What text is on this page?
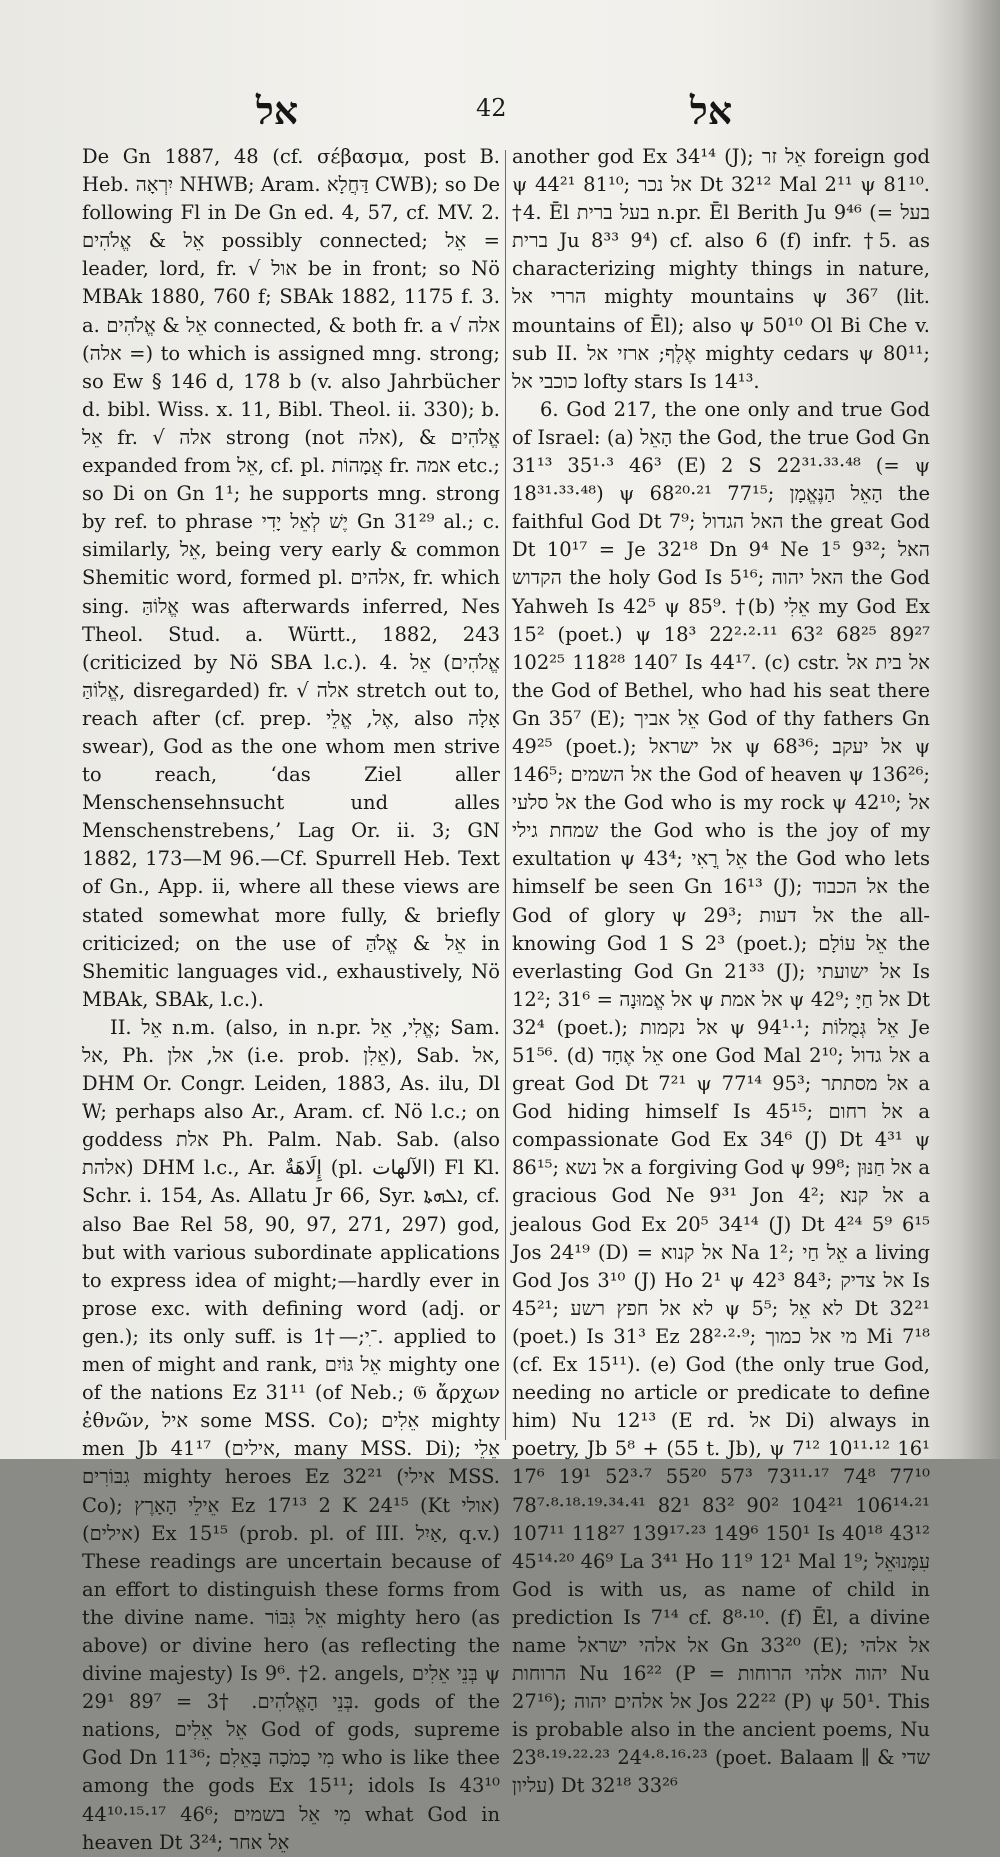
אל	42	אל

De Gn 1887, 48 (cf. σέβασμα, post B. Heb. יִרְאָה NHWB; Aram. דַּחֲלָא CWB); so De following Fl in De Gn ed. 4, 57, cf. MV. 2. אֵל & אֱלֹהִים possibly connected; אֵל = leader, lord, fr. √ אול be in front; so Nö MBAk 1880, 760 f; SBAk 1882, 1175 f. 3. a. אֵל & אֱלֹהִים connected, & both fr. a √ אלה (= אלה) to which is assigned mng. strong; so Ew § 146 d, 178 b (v. also Jahrbücher d. bibl. Wiss. x. 11, Bibl. Theol. ii. 330); b. אֵל fr. √ אלה strong (not אלה), & אֱלֹהִים expanded from אֵל, cf. pl. אֲמָהוֹת fr. אמה etc.; so Di on Gn 1¹; he supports mng. strong by ref. to phrase יֶשׁ לְאֵל יָדִי Gn 31²⁹ al.; c. similarly, אֵל, being very early & common Shemitic word, formed pl. אלהים, fr. which sing. אֱלוֹהַּ was afterwards inferred, Nes Theol. Stud. a. Württ., 1882, 243 (criticized by Nö SBA l.c.). 4. אֵל (אֱלֹהִים ,אֱלוֹהַּ disregarded) fr. √ אלה stretch out to, reach after (cf. prep. אֶל, אֱלֵי, also אָלָה swear), God as the one whom men strive to reach, ‘das Ziel aller Menschensehnsucht und alles Menschenstrebens,’ Lag Or. ii. 3; GN 1882, 173—M 96.—Cf. Spurrell Heb. Text of Gn., App. ii, where all these views are stated somewhat more fully, & briefly criticized; on the use of אֵל & אֱלֹהַּ in Shemitic languages vid., exhaustively, Nö MBAk, SBAk, l.c.).

II. אֵל n.m. (also, in n.pr. אֱלִי, אֵל; Sam. אל, Ph. אל, אלן (i.e. prob. אֵלִן), Sab. אל, DHM Or. Congr. Leiden, 1883, As. ilu, Dl W; perhaps also Ar., Aram. cf. Nö l.c.; on goddess אלת Ph. Palm. Nab. Sab. (also אלהת) DHM l.c., Ar. إِلَاهَةٌ (pl. الآلهات) Fl Kl. Schr. i. 154, As. Allatu Jr 66, Syr. ܐܠܗܬܐ, cf. also Bae Rel 58, 90, 97, 271, 297) god, but with various subordinate applications to express idea of might;—hardly ever in prose exc. with defining word (adj. or gen.); its only suff. is ־ִי;—†1. applied to men of might and rank, אֵל גּוֹיִם mighty one of the nations Ez 31¹¹ (of Neb.; 𝔊 ἄρχων ἐθνῶν, איל some MSS. Co); אֵלִים mighty men Jb 41¹⁷ (אילים, many MSS. Di); אֵלֵי גִבּוֹרִים mighty heroes Ez 32²¹ (אילי MSS. Co); אֵילֵי הָאָרֶץ Ez 17¹³ 2 K 24¹⁵ (Kt אולי) (אילים) Ex 15¹⁵ (prob. pl. of III. אַיִל, q.v.) These readings are uncertain because of an effort to distinguish these forms from the divine name. אֵל גִּבּוֹר mighty hero (as above) or divine hero (as reflecting the divine majesty) Is 9⁶. †2. angels, בְּנֵי אֵלִים ψ 29¹ 89⁷ = בְּנֵי הָאֱלֹהִים. †3. gods of the nations, אֵל אֵלִים God of gods, supreme God Dn 11³⁶; מִי כָמֹכָה בָּאֵלִם who is like thee among the gods Ex 15¹¹; idols Is 43¹⁰ 44¹⁰·¹⁵·¹⁷ 46⁶; מִי אֵל בשמים what God in heaven Dt 3²⁴; אֵל אחר

another god Ex 34¹⁴ (J); אֵל זר foreign god ψ 44²¹ 81¹⁰; אל נכר Dt 32¹² Mal 2¹¹ ψ 81¹⁰. †4. Ēl בעל ברית n.pr. Ēl Berith Ju 9⁴⁶ (= בעל ברית Ju 8³³ 9⁴) cf. also 6 (f) infr. †5. as characterizing mighty things in nature, הררי אל mighty mountains ψ 36⁷ (lit. mountains of Ēl); also ψ 50¹⁰ Ol Bi Che v. sub II. אֶלֶף; ארזי אל mighty cedars ψ 80¹¹; כוכבי אל lofty stars Is 14¹³.

6. God 217, the one only and true God of Israel: (a) הָאֵל the God, the true God Gn 31¹³ 35¹·³ 46³ (E) 2 S 22³¹·³³·⁴⁸ (= ψ 18³¹·³³·⁴⁸) ψ 68²⁰·²¹ 77¹⁵; הָאֵל הַנֶּאֱמָן the faithful God Dt 7⁹; האל הגדול the great God Dt 10¹⁷ = Je 32¹⁸ Dn 9⁴ Ne 1⁵ 9³²; האל הקדוש the holy God Is 5¹⁶; האל יהוה the God Yahweh Is 42⁵ ψ 85⁹. †(b) אֵלִי my God Ex 15² (poet.) ψ 18³ 22²·²·¹¹ 63² 68²⁵ 89²⁷ 102²⁵ 118²⁸ 140⁷ Is 44¹⁷. (c) cstr. אל בית אל the God of Bethel, who had his seat there Gn 35⁷ (E); אֵל אביך God of thy fathers Gn 49²⁵ (poet.); אל ישראל ψ 68³⁶; אל יעקב ψ 146⁵; אל השמים the God of heaven ψ 136²⁶; אל סלעי the God who is my rock ψ 42¹⁰; אל שמחת גילי the God who is the joy of my exultation ψ 43⁴; אֵל רֳאִי the God who lets himself be seen Gn 16¹³ (J); אל הכבוד the God of glory ψ 29³; אל דעות the all-knowing God 1 S 2³ (poet.); אֵל עוֹלָם the everlasting God Gn 21³³ (J); אל ישועתי Is 12²; אל אֱמוּנָה = 31⁶ ψ אל אמת ψ 42⁹; אל חַיָּ Dt 32⁴ (poet.); אל נקמות ψ 94¹·¹; אֵל גְּמֻלוֹת Je 51⁵⁶. (d) אֵל אֶחָד one God Mal 2¹⁰; אל גדול a great God Dt 7²¹ ψ 77¹⁴ 95³; אל מסתתר a God hiding himself Is 45¹⁵; אל רחום a compassionate God Ex 34⁶ (J) Dt 4³¹ ψ 86¹⁵; אל נשא a forgiving God ψ 99⁸; אל חַנּוּן a gracious God Ne 9³¹ Jon 4²; אל קנא a jealous God Ex 20⁵ 34¹⁴ (J) Dt 4²⁴ 5⁹ 6¹⁵ Jos 24¹⁹ (D) = אל קנוא Na 1²; אֵל חַי a living God Jos 3¹⁰ (J) Ho 2¹ ψ 42³ 84³; אל צדיק Is 45²¹; לא אל חפץ רשע ψ 5⁵; לא אֵל Dt 32²¹ (poet.) Is 31³ Ez 28²·²·⁹; מי אל כמוך Mi 7¹⁸ (cf. Ex 15¹¹). (e) God (the only true God, needing no article or predicate to define him) Nu 12¹³ (E rd. אל Di) always in poetry, Jb 5⁸ + (55 t. Jb), ψ 7¹² 10¹¹·¹² 16¹ 17⁶ 19¹ 52³·⁷ 55²⁰ 57³ 73¹¹·¹⁷ 74⁸ 77¹⁰ 78⁷·⁸·¹⁸·¹⁹·³⁴·⁴¹ 82¹ 83² 90² 104²¹ 106¹⁴·²¹ 107¹¹ 118²⁷ 139¹⁷·²³ 149⁶ 150¹ Is 40¹⁸ 43¹² 45¹⁴·²⁰ 46⁹ La 3⁴¹ Ho 11⁹ 12¹ Mal 1⁹; עִמָּנוּאֵל God is with us, as name of child in prediction Is 7¹⁴ cf. 8⁸·¹⁰. (f) Ēl, a divine name אל אלהי ישראל Gn 33²⁰ (E); אל אלהי הרוחות Nu 16²² (P = יהוה אלהי הרוחות Nu 27¹⁶); אל אלהים יהוה Jos 22²² (P) ψ 50¹. This is probable also in the ancient poems, Nu 23⁸·¹⁹·²²·²³ 24⁴·⁸·¹⁶·²³ (poet. Balaam ∥ שדי & עליון) Dt 32¹⁸ 33²⁶
